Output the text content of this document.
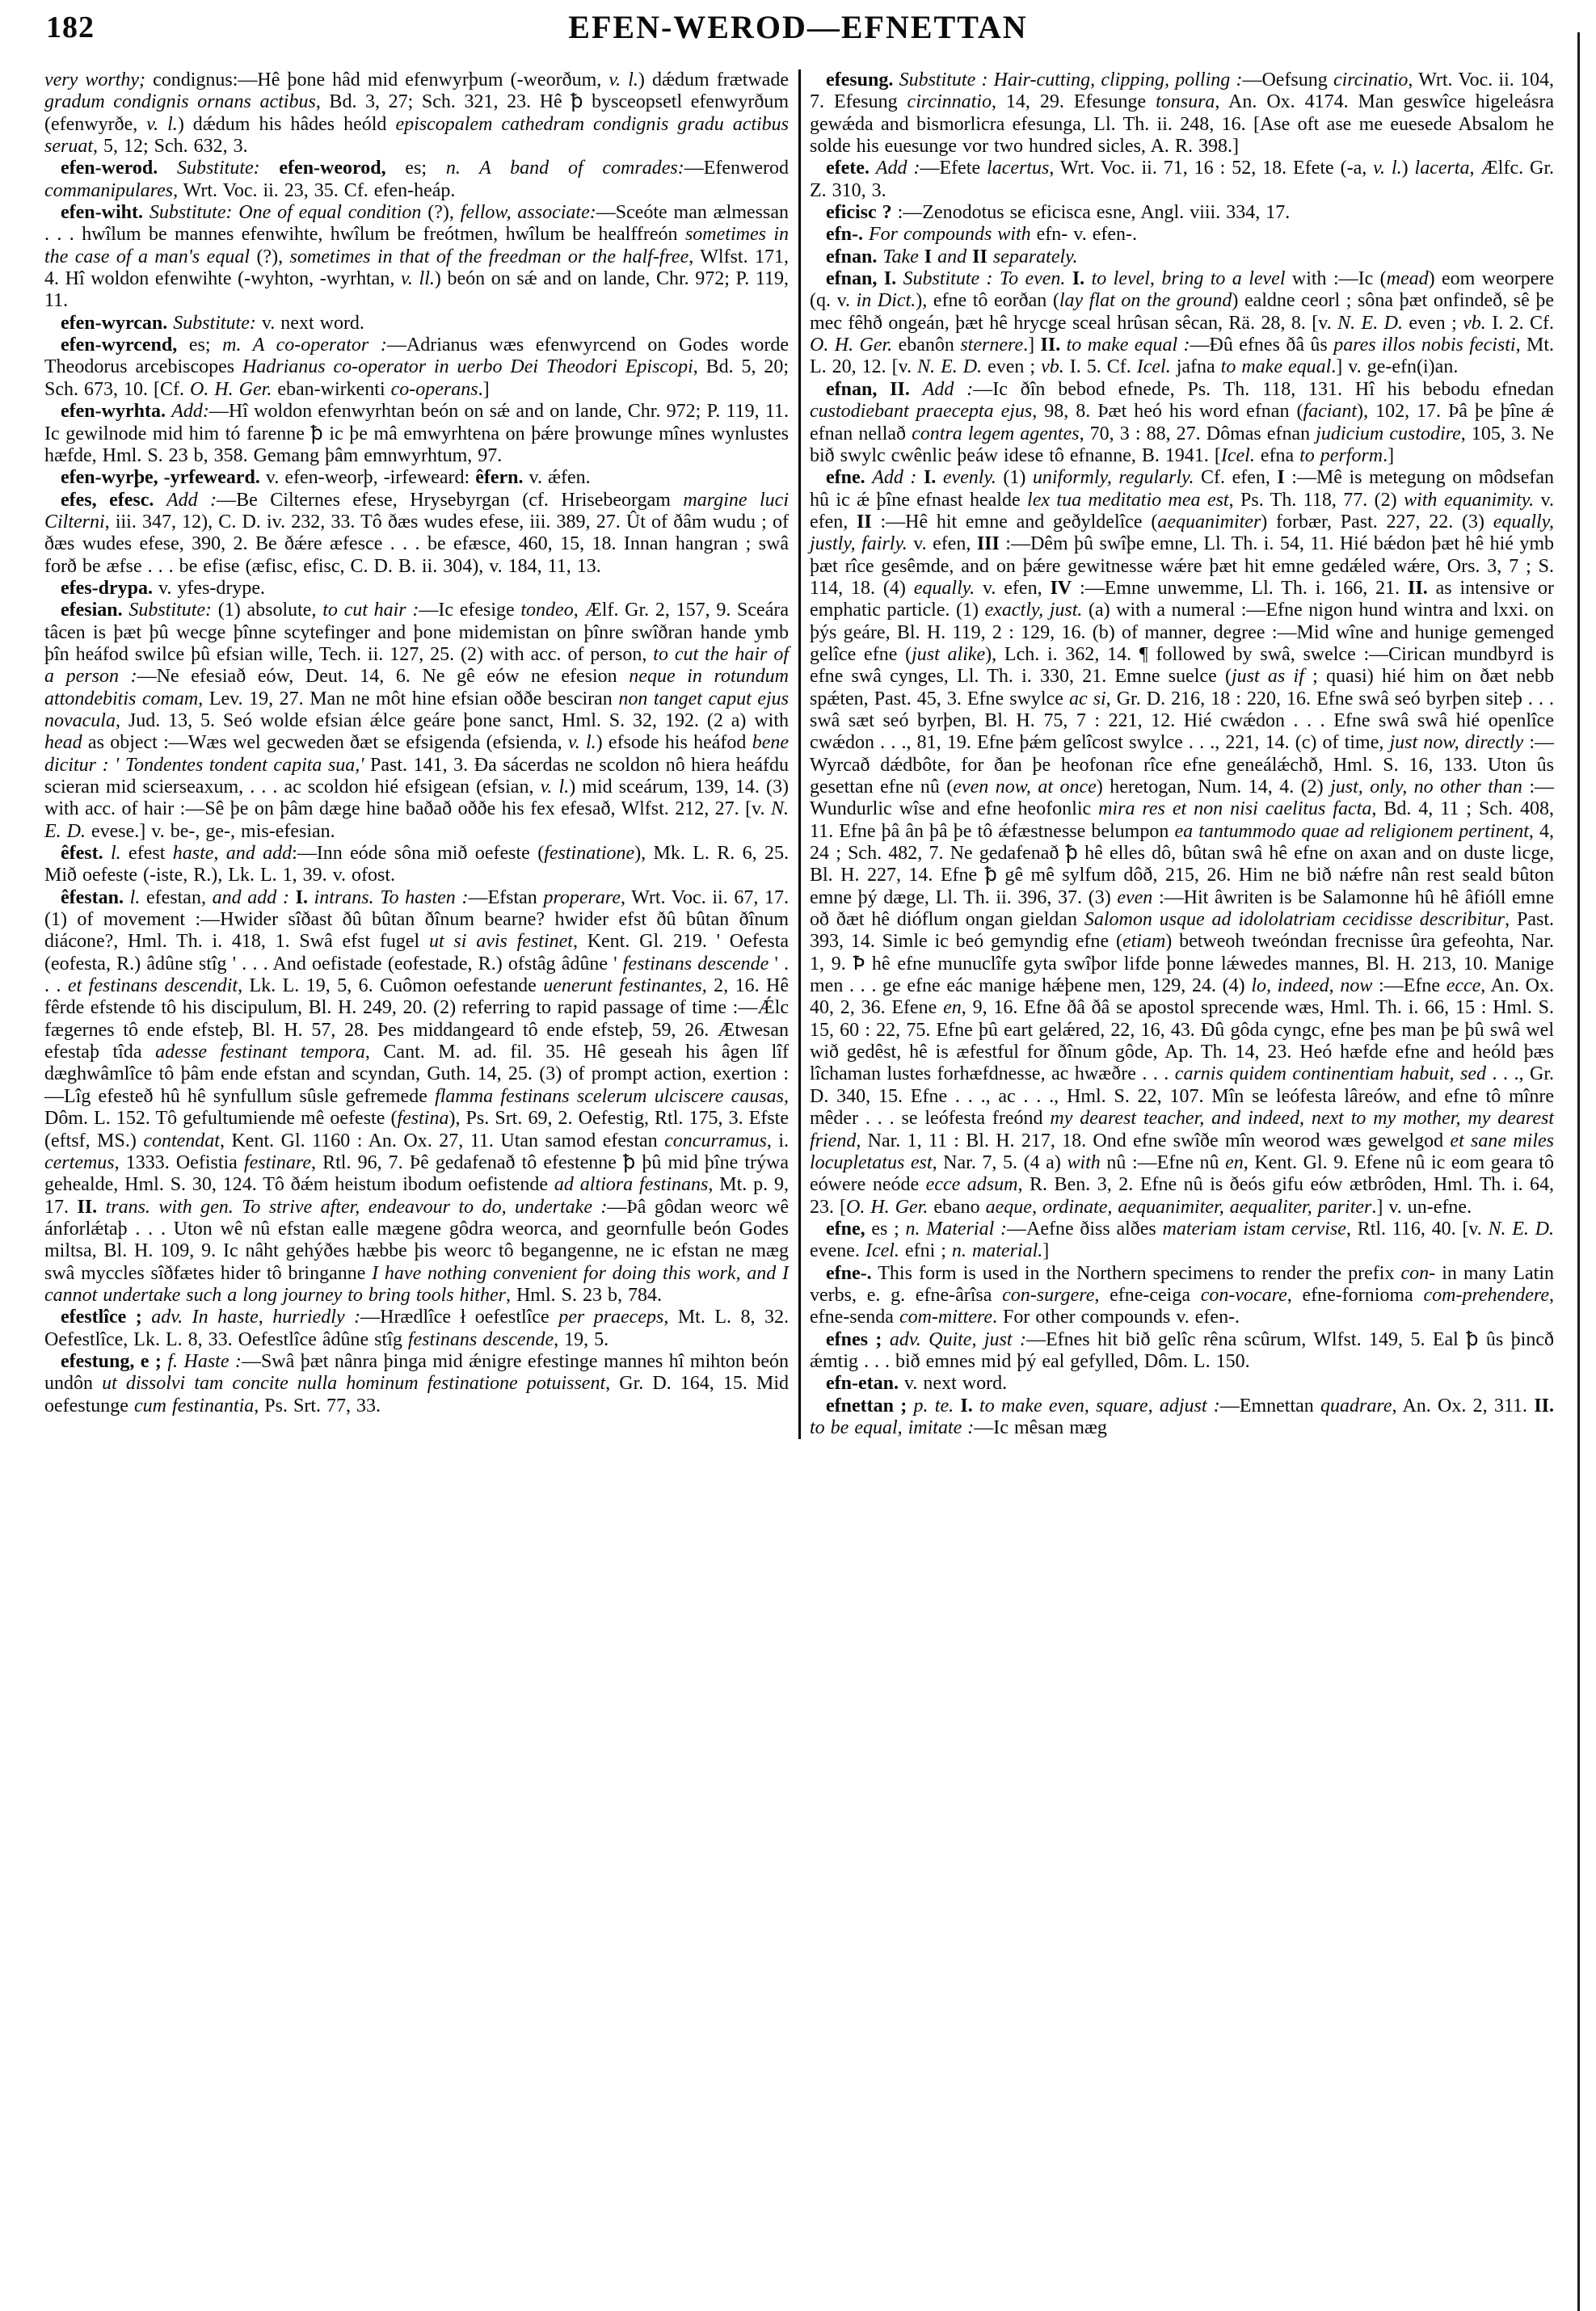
182	EFEN-WEROD—EFNETTAN

very worthy; condignus:—Hê þone hâd mid efenwyrþum (-weorðum, v. l.) dǽdum frætwade gradum condignis ornans actibus, Bd. 3, 27; Sch. 321, 23. Hê ꝥ bysceopsetl efenwyrðum (efenwyrðe, v. l.) dǽdum his hâdes heóld episcopalem cathedram condignis gradu actibus seruat, 5, 12; Sch. 632, 3.

efen-werod. Substitute: efen-weorod, es; n. A band of comrades:—Efenwerod commanipulares, Wrt. Voc. ii. 23, 35. Cf. efen-heáp.

efen-wiht. Substitute: One of equal condition (?), fellow, associate:—Sceóte man ælmessan . . . hwîlum be mannes efenwihte, hwîlum be freótmen, hwîlum be healffreón sometimes in the case of a man's equal (?), sometimes in that of the freedman or the half-free, Wlfst. 171, 4. Hî woldon efenwihte (-wyhton, -wyrhtan, v. ll.) beón on sǽ and on lande, Chr. 972; P. 119, 11.

efen-wyrcan. Substitute: v. next word.

efen-wyrcend, es; m. A co-operator :—Adrianus wæs efenwyrcend on Godes worde Theodorus arcebiscopes Hadrianus co-operator in uerbo Dei Theodori Episcopi, Bd. 5, 20; Sch. 673, 10. [Cf. O. H. Ger. eban-wirkenti co-operans.]

efen-wyrhta. Add:—Hî woldon efenwyrhtan beón on sǽ and on lande, Chr. 972; P. 119, 11. Ic gewilnode mid him tó farenne ꝥ ic þe mâ emwyrhtena on þǽre þrowunge mînes wynlustes hæfde, Hml. S. 23 b, 358. Gemang þâm emnwyrhtum, 97.

efen-wyrþe, -yrfeweard. v. efen-weorþ, -irfeweard: êfern. v. ǽfen.

efes, efesc. Add :—Be Cilternes efese, Hrysebyrgan (cf. Hrisebeorgam margine luci Cilterni, iii. 347, 12), C. D. iv. 232, 33. Tô ðæs wudes efese, iii. 389, 27. Ût of ðâm wudu ; of ðæs wudes efese, 390, 2. Be ðǽre æfesce . . . be efæsce, 460, 15, 18. Innan hangran ; swâ forð be æfse . . . be efise (æfisc, efisc, C. D. B. ii. 304), v. 184, 11, 13.

efes-drypa. v. yfes-drype.

efesian. Substitute: (1) absolute, to cut hair :—Ic efesige tondeo, Ælf. Gr. 2, 157, 9. Sceára tâcen is þæt þû wecge þînne scytefinger and þone midemistan on þînre swîðran hande ymb þîn heáfod swilce þû efsian wille, Tech. ii. 127, 25. (2) with acc. of person, to cut the hair of a person :—Ne efesiað eów, Deut. 14, 6. Ne gê eów ne efesion neque in rotundum attondebitis comam, Lev. 19, 27. Man ne môt hine efsian oððe besciran non tanget caput ejus novacula, Jud. 13, 5. Seó wolde efsian ǽlce geáre þone sanct, Hml. S. 32, 192. (2 a) with head as object :—Wæs wel gecweden ðæt se efsigenda (efsienda, v. l.) efsode his heáfod bene dicitur : ' Tondentes tondent capita sua,' Past. 141, 3. Ða sácerdas ne scoldon nô hiera heáfdu scieran mid scierseaxum, . . . ac scoldon hié efsigean (efsian, v. l.) mid sceárum, 139, 14. (3) with acc. of hair :—Sê þe on þâm dæge hine baðað oððe his fex efesað, Wlfst. 212, 27. [v. N. E. D. evese.] v. be-, ge-, mis-efesian.

êfest. l. efest haste, and add:—Inn eóde sôna mið oefeste (festinatione), Mk. L. R. 6, 25. Mið oefeste (-iste, R.), Lk. L. 1, 39. v. ofost.

êfestan. l. efestan, and add : I. intrans. To hasten :—Efstan properare, Wrt. Voc. ii. 67, 17. (1) of movement :—Hwider sîðast ðû bûtan ðînum bearne? hwider efst ðû bûtan ðînum diácone?, Hml. Th. i. 418, 1. Swâ efst fugel ut si avis festinet, Kent. Gl. 219. ' Oefesta (eofesta, R.) âdûne stîg ' . . . And oefistade (eofestade, R.) ofstâg âdûne ' festinans descende ' . . . et festinans descendit, Lk. L. 19, 5, 6. Cuômon oefestande uenerunt festinantes, 2, 16. Hê fêrde efstende tô his discipulum, Bl. H. 249, 20. (2) referring to rapid passage of time :—Ǽlc fægernes tô ende efsteþ, Bl. H. 57, 28. Þes middangeard tô ende efsteþ, 59, 26. Ætwesan efestaþ tîda adesse festinant tempora, Cant. M. ad. fil. 35. Hê geseah his âgen lîf dæghwâmlîce tô þâm ende efstan and scyndan, Guth. 14, 25. (3) of prompt action, exertion :—Lîg efesteð hû hê synfullum sûsle gefremede flamma festinans scelerum ulciscere causas, Dôm. L. 152. Tô gefultumiende mê oefeste (festina), Ps. Srt. 69, 2. Oefestig, Rtl. 175, 3. Efste (eftsf, MS.) contendat, Kent. Gl. 1160 : An. Ox. 27, 11. Utan samod efestan concurramus, i. certemus, 1333. Oefistia festinare, Rtl. 96, 7. Þê gedafenað tô efestenne ꝥ þû mid þîne trýwa gehealde, Hml. S. 30, 124. Tô ðǽm heistum ibodum oefistende ad altiora festinans, Mt. p. 9, 17. II. trans. with gen. To strive after, endeavour to do, undertake :—Þâ gôdan weorc wê ánforlǽtaþ . . . Uton wê nû efstan ealle mægene gôdra weorca, and geornfulle beón Godes miltsa, Bl. H. 109, 9. Ic nâht gehýðes hæbbe þis weorc tô begangenne, ne ic efstan ne mæg swâ myccles sîðfætes hider tô bringanne I have nothing convenient for doing this work, and I cannot undertake such a long journey to bring tools hither, Hml. S. 23 b, 784.

efestlîce ; adv. In haste, hurriedly :—Hrædlîce ł oefestlîce per praeceps, Mt. L. 8, 32. Oefestlîce, Lk. L. 8, 33. Oefestlîce âdûne stîg festinans descende, 19, 5.

efestung, e ; f. Haste :—Swâ þæt nânra þinga mid ǽnigre efestinge mannes hî mihton beón undôn ut dissolvi tam concite nulla hominum festinatione potuissent, Gr. D. 164, 15. Mid oefestunge cum festinantia, Ps. Srt. 77, 33.

efesung. Substitute : Hair-cutting, clipping, polling :—Oefsung circinatio, Wrt. Voc. ii. 104, 7. Efesung circinnatio, 14, 29. Efesunge tonsura, An. Ox. 4174. Man geswîce higeleásra gewǽda and bismorlicra efesunga, Ll. Th. ii. 248, 16. [Ase oft ase me euesede Absalom he solde his euesunge vor two hundred sicles, A. R. 398.]

efete. Add :—Efete lacertus, Wrt. Voc. ii. 71, 16 : 52, 18. Efete (-a, v. l.) lacerta, Ælfc. Gr. Z. 310, 3.

eficisc ? :—Zenodotus se eficisca esne, Angl. viii. 334, 17.

efn-. For compounds with efn- v. efen-.

efnan. Take I and II separately.

efnan, I. Substitute : To even. I. to level, bring to a level with :—Ic (mead) eom weorpere (q. v. in Dict.), efne tô eorðan (lay flat on the ground) ealdne ceorl ; sôna þæt onfindeð, sê þe mec fêhð ongeán, þæt hê hrycge sceal hrûsan sêcan, Rä. 28, 8. [v. N. E. D. even ; vb. I. 2. Cf. O. H. Ger. ebanôn sternere.] II. to make equal :—Ðû efnes ðâ ûs pares illos nobis fecisti, Mt. L. 20, 12. [v. N. E. D. even ; vb. I. 5. Cf. Icel. jafna to make equal.] v. ge-efn(i)an.

efnan, II. Add :—Ic ðîn bebod efnede, Ps. Th. 118, 131. Hî his bebodu efnedan custodiebant praecepta ejus, 98, 8. Þæt heó his word efnan (faciant), 102, 17. Þâ þe þîne ǽ efnan nellað contra legem agentes, 70, 3 : 88, 27. Dômas efnan judicium custodire, 105, 3. Ne bið swylc cwênlic þeáw idese tô efnanne, B. 1941. [Icel. efna to perform.]

efne. Add : I. evenly. (1) uniformly, regularly. Cf. efen, I :—Mê is metegung on môdsefan hû ic ǽ þîne efnast healde lex tua meditatio mea est, Ps. Th. 118, 77. (2) with equanimity. v. efen, II :—Hê hit emne and geðyldelîce (aequanimiter) forbær, Past. 227, 22. (3) equally, justly, fairly. v. efen, III :—Dêm þû swîþe emne, Ll. Th. i. 54, 11. Hié bǽdon þæt hê hié ymb þæt rîce gesêmde, and on þǽre gewitnesse wǽre þæt hit emne gedǽled wǽre, Ors. 3, 7 ; S. 114, 18. (4) equally. v. efen, IV :—Emne unwemme, Ll. Th. i. 166, 21. II. as intensive or emphatic particle. (1) exactly, just. (a) with a numeral :—Efne nigon hund wintra and lxxi. on þýs geáre, Bl. H. 119, 2 : 129, 16. (b) of manner, degree :—Mid wîne and hunige gemenged gelîce efne (just alike), Lch. i. 362, 14. ¶ followed by swâ, swelce :—Cirican mundbyrd is efne swâ cynges, Ll. Th. i. 330, 21. Emne suelce (just as if ; quasi) hié him on ðæt nebb spǽten, Past. 45, 3. Efne swylce ac si, Gr. D. 216, 18 : 220, 16. Efne swâ seó byrþen siteþ . . . swâ sæt seó byrþen, Bl. H. 75, 7 : 221, 12. Hié cwǽdon . . . Efne swâ swâ hié openlîce cwǽdon . . ., 81, 19. Efne þǽm gelîcost swylce . . ., 221, 14. (c) of time, just now, directly :—Wyrcað dǽdbôte, for ðan þe heofonan rîce efne geneálǽchð, Hml. S. 16, 133. Uton ûs gesettan efne nû (even now, at once) heretogan, Num. 14, 4. (2) just, only, no other than :—Wundurlic wîse and efne heofonlic mira res et non nisi caelitus facta, Bd. 4, 11 ; Sch. 408, 11. Efne þâ ân þâ þe tô ǽfæstnesse belumpon ea tantummodo quae ad religionem pertinent, 4, 24 ; Sch. 482, 7. Ne gedafenað ꝥ hê elles dô, bûtan swâ hê efne on axan and on duste licge, Bl. H. 227, 14. Efne ꝥ gê mê sylfum dôð, 215, 26. Him ne bið nǽfre nân rest seald bûton emne þý dæge, Ll. Th. ii. 396, 37. (3) even :—Hit âwriten is be Salamonne hû hê âfióll emne oð ðæt hê dióflum ongan gieldan Salomon usque ad idololatriam cecidisse describitur, Past. 393, 14. Simle ic beó gemyndig efne (etiam) betweoh tweóndan frecnisse ûra gefeohta, Nar. 1, 9. Ꝥ hê efne munuclîfe gyta swîþor lifde þonne lǽwedes mannes, Bl. H. 213, 10. Manige men . . . ge efne eác manige hǽþene men, 129, 24. (4) lo, indeed, now :—Efne ecce, An. Ox. 40, 2, 36. Efene en, 9, 16. Efne ðâ ðâ se apostol sprecende wæs, Hml. Th. i. 66, 15 : Hml. S. 15, 60 : 22, 75. Efne þû eart gelǽred, 22, 16, 43. Ðû gôda cyngc, efne þes man þe þû swâ wel wið gedêst, hê is æfestful for ðînum gôde, Ap. Th. 14, 23. Heó hæfde efne and heóld þæs lîchaman lustes forhæfdnesse, ac hwæðre . . . carnis quidem continentiam habuit, sed . . ., Gr. D. 340, 15. Efne . . ., ac . . ., Hml. S. 22, 107. Mîn se leófesta lâreów, and efne tô mînre mêder . . . se leófesta freónd my dearest teacher, and indeed, next to my mother, my dearest friend, Nar. 1, 11 : Bl. H. 217, 18. Ond efne swîðe mîn weorod wæs gewelgod et sane miles locupletatus est, Nar. 7, 5. (4 a) with nû :—Efne nû en, Kent. Gl. 9. Efene nû ic eom geara tô eówere neóde ecce adsum, R. Ben. 3, 2. Efne nû is ðeós gifu eów ætbrôden, Hml. Th. i. 64, 23. [O. H. Ger. ebano aeque, ordinate, aequanimiter, aequaliter, pariter.] v. un-efne.

efne, es ; n. Material :—Aefne ðiss alðes materiam istam cervise, Rtl. 116, 40. [v. N. E. D. evene. Icel. efni ; n. material.]

efne-. This form is used in the Northern specimens to render the prefix con- in many Latin verbs, e. g. efne-ârîsa con-surgere, efne-ceiga con-vocare, efne-fornioma com-prehendere, efne-senda com-mittere. For other compounds v. efen-.

efnes ; adv. Quite, just :—Efnes hit bið gelîc rêna scûrum, Wlfst. 149, 5. Eal ꝥ ûs þincð ǽmtig . . . bið emnes mid þý eal gefylled, Dôm. L. 150.

efn-etan. v. next word.

efnettan ; p. te. I. to make even, square, adjust :—Emnettan quadrare, An. Ox. 2, 311. II. to be equal, imitate :—Ic mêsan mæg
